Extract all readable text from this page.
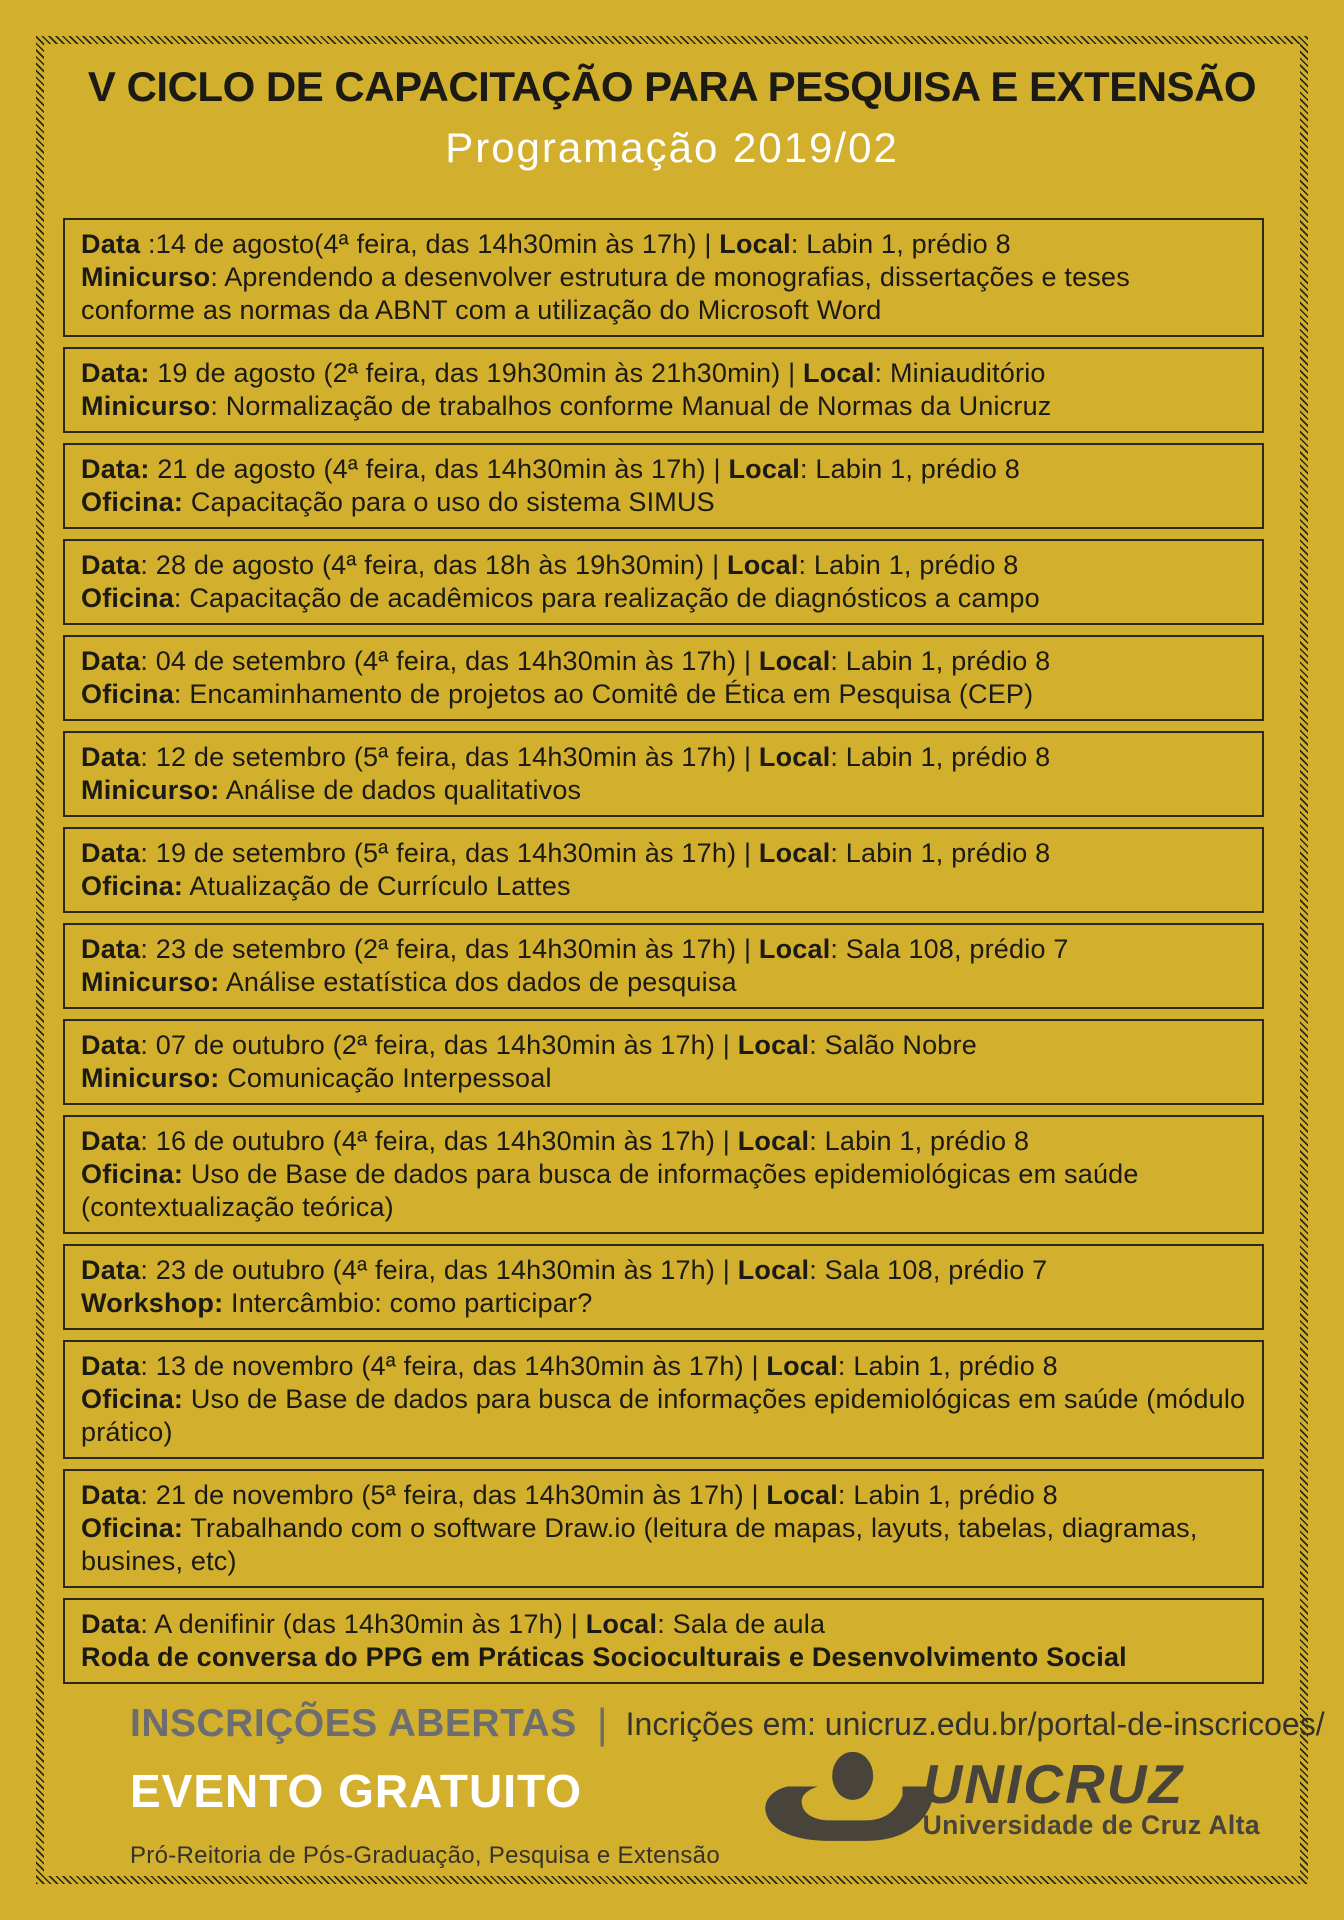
V CICLO DE CAPACITAÇÃO PARA PESQUISA E EXTENSÃO
Programação 2019/02
Data :14 de agosto(4ª feira, das 14h30min às 17h) | Local: Labin 1, prédio 8
Minicurso: Aprendendo a desenvolver estrutura de monografias, dissertações e teses conforme as normas da ABNT com a utilização do Microsoft Word
Data: 19 de agosto (2ª feira, das 19h30min às 21h30min) | Local: Miniauditório
Minicurso: Normalização de trabalhos conforme Manual de Normas da Unicruz
Data: 21 de agosto (4ª feira, das 14h30min às 17h) | Local: Labin 1, prédio 8
Oficina: Capacitação para o uso do sistema SIMUS
Data: 28 de agosto (4ª feira, das 18h às 19h30min) | Local: Labin 1, prédio 8
Oficina: Capacitação de acadêmicos para realização de diagnósticos a campo
Data: 04 de setembro (4ª feira, das 14h30min às 17h) | Local: Labin 1, prédio 8
Oficina: Encaminhamento de projetos ao Comitê de Ética em Pesquisa (CEP)
Data: 12 de setembro (5ª feira, das 14h30min às 17h) | Local: Labin 1, prédio 8
Minicurso: Análise de dados qualitativos
Data: 19 de setembro (5ª feira, das 14h30min às 17h) | Local: Labin 1, prédio 8
Oficina: Atualização de Currículo Lattes
Data: 23 de setembro (2ª feira, das 14h30min às 17h) | Local: Sala 108, prédio 7
Minicurso: Análise estatística dos dados de pesquisa
Data: 07 de outubro (2ª feira, das 14h30min às 17h) | Local: Salão Nobre
Minicurso: Comunicação Interpessoal
Data: 16 de outubro (4ª feira, das 14h30min às 17h) | Local: Labin 1, prédio 8
Oficina: Uso de Base de dados para busca de informações epidemiológicas em saúde (contextualização teórica)
Data: 23 de outubro (4ª feira, das 14h30min às 17h) | Local: Sala 108, prédio 7
Workshop: Intercâmbio: como participar?
Data: 13 de novembro (4ª feira, das 14h30min às 17h) | Local: Labin 1, prédio 8
Oficina: Uso de Base de dados para busca de informações epidemiológicas em saúde (módulo prático)
Data: 21 de novembro (5ª feira, das 14h30min às 17h) | Local: Labin 1, prédio 8
Oficina: Trabalhando com o software Draw.io (leitura de mapas, layuts, tabelas, diagramas, busines, etc)
Data: A denifinir (das 14h30min às 17h) | Local: Sala de aula
Roda de conversa do PPG em Práticas Socioculturais e Desenvolvimento Social
INSCRIÇÕES ABERTAS | Incrições em: unicruz.edu.br/portal-de-inscricoes/
EVENTO GRATUITO
Pró-Reitoria de Pós-Graduação, Pesquisa e Extensão
UNICRUZ
Universidade de Cruz Alta
